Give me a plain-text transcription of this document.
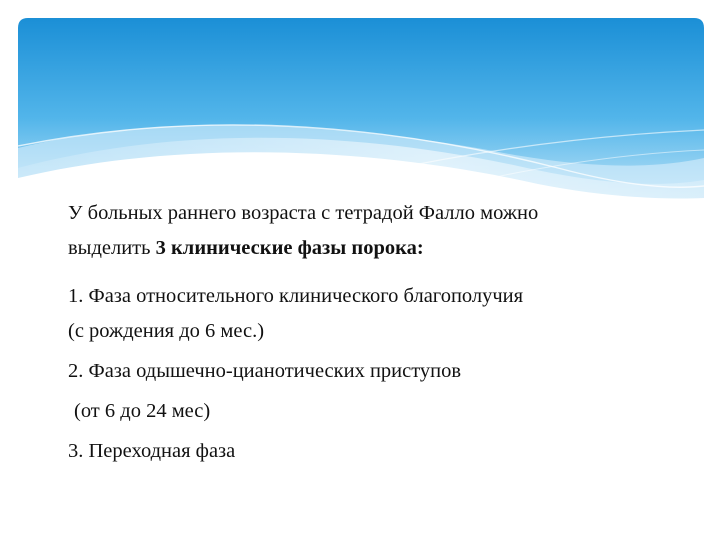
У больных раннего возраста с тетрадой Фалло можно

выделить 3 клинические фазы порока:

1. Фаза относительного клинического благополучия

(с рождения до 6 мес.)

2. Фаза одышечно-цианотических приступов

(от 6 до 24 мес)

3. Переходная фаза
